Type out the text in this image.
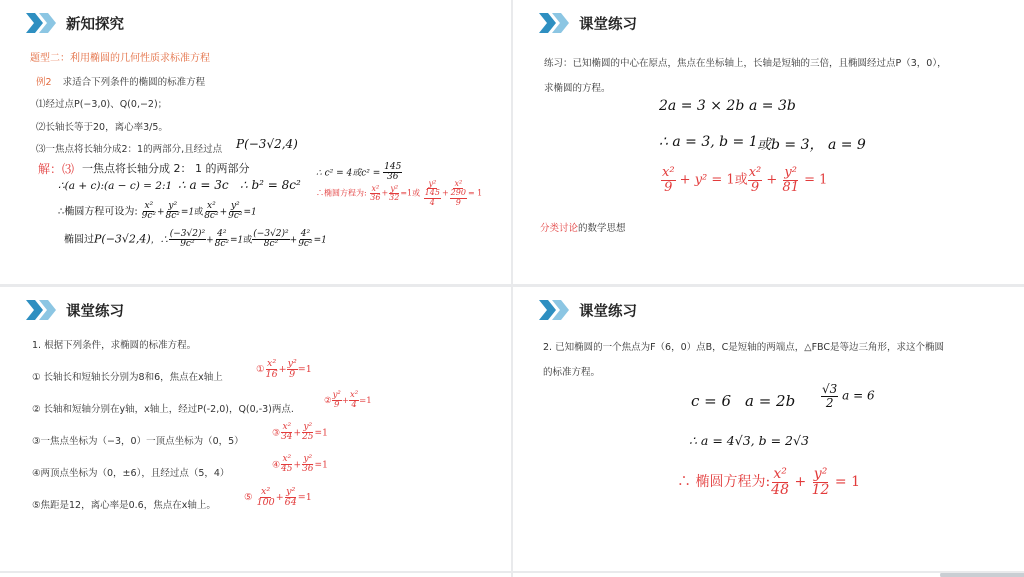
新知探究
题型二：利用椭圆的几何性质求标准方程
例2 求适合下列条件的椭圆的标准方程
⑴经过点P(−3,0)、Q(0,−2)；
⑵长轴长等于20，离心率3/5。
⑶一焦点将长轴分成2：1的两部分,且经过点 P(−3√2,4)
解：⑶ 一焦点将长轴分成 2： 1 的两部分	∴ c² = 4或$c^2 = \frac{145}{36}$
∴(a + c):(a − c) = 2:1 ∴ a = 3c ∴ b² = 8c²
∴椭圆方程为: $\frac{\text{x²}}{36} + \frac{\text{y²}}{32} =1$或 $\frac{\text{y²}}{\frac{145}{4}} + \frac{\text{x²}}{\frac{290}{9}} = 1$
∴椭圆方程可设为: $\frac{\text{x²}}{\text{9c²}} + \frac{\text{y²}}{\text{8c²}} =1$或 $\frac{\text{x²}}{\text{8c²}} + \frac{\text{y²}}{\text{9c²}} =1$
椭圆过P(−3√2,4)，∴ $\frac{\text{(−3√2)²}}{\text{9c²}} + \frac{\text{4²}}{\text{8c²}} =1$或 $\frac{\text{(−3√2)²}}{\text{8c²}} + \frac{\text{4²}}{\text{9c²}} =1$
课堂练习
练习：已知椭圆的中心在原点，焦点在坐标轴上，长轴是短轴的三倍，且椭圆经过点P（3，0），
求椭圆的方程。
2a = 3 × 2b a = 3b
∴ a = 3, b = 1 或b = 3， a = 9
$\frac{\text{x²}}{9} + y^2 = 1$或 $\frac{\text{x²}}{9} + \frac{\text{y²}}{81} = 1$
分类讨论的数学思想
课堂练习
1. 根据下列条件，求椭圆的标准方程。
① 长轴长和短轴长分别为8和6，焦点在x轴上
① $\frac{\text{x²}}{16} + \frac{\text{y²}}{9} =1$
② 长轴和短轴分别在y轴，x轴上，经过P(-2,0)，Q(0,-3)两点.
② $\frac{\text{y²}}{9} + \frac{\text{x²}}{4} =1$
③一焦点坐标为（−3，0）一顶点坐标为（0，5）
③ $\frac{\text{x²}}{34} + \frac{\text{y²}}{25} =1$
④两顶点坐标为（0，±6），且经过点（5，4）
④ $\frac{\text{x²}}{45} + \frac{\text{y²}}{36} =1$
⑤焦距是12，离心率是0.6，焦点在x轴上。
⑤ $\frac{\text{x²}}{100} + \frac{\text{y²}}{64} =1$
课堂练习
2. 已知椭圆的一个焦点为F（6，0）点B，C是短轴的两端点，△FBC是等边三角形，求这个椭圆
的标准方程。
c = 6 $a = 2b \frac{√3}{2}$ a = 6
∴ a = 4√3, b = 2√3
∴ 椭圆方程为: $\frac{\text{x²}}{48} + \frac{\text{y²}}{12} = 1$
